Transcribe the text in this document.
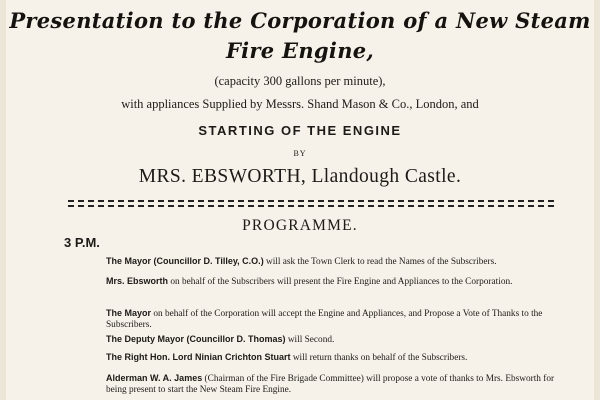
Presentation to the Corporation of a New Steam
Fire Engine,
(capacity 300 gallons per minute),
with appliances Supplied by Messrs. Shand Mason & Co., London, and
STARTING OF THE ENGINE
BY
MRS. EBSWORTH, Llandough Castle.
PROGRAMME.
3 P.M.
The Mayor (Councillor D. Tilley, C.O.) will ask the Town Clerk to read the Names of the Subscribers.
Mrs. Ebsworth on behalf of the Subscribers will present the Fire Engine and Appliances to the Corporation.
The Mayor on behalf of the Corporation will accept the Engine and Appliances, and Propose a Vote of Thanks to the Subscribers.
The Deputy Mayor (Councillor D. Thomas) will Second.
The Right Hon. Lord Ninian Crichton Stuart will return thanks on behalf of the Subscribers.
Alderman W. A. James (Chairman of the Fire Brigade Committee) will propose a vote of thanks to Mrs. Ebsworth for being present to start the New Steam Fire Engine.
